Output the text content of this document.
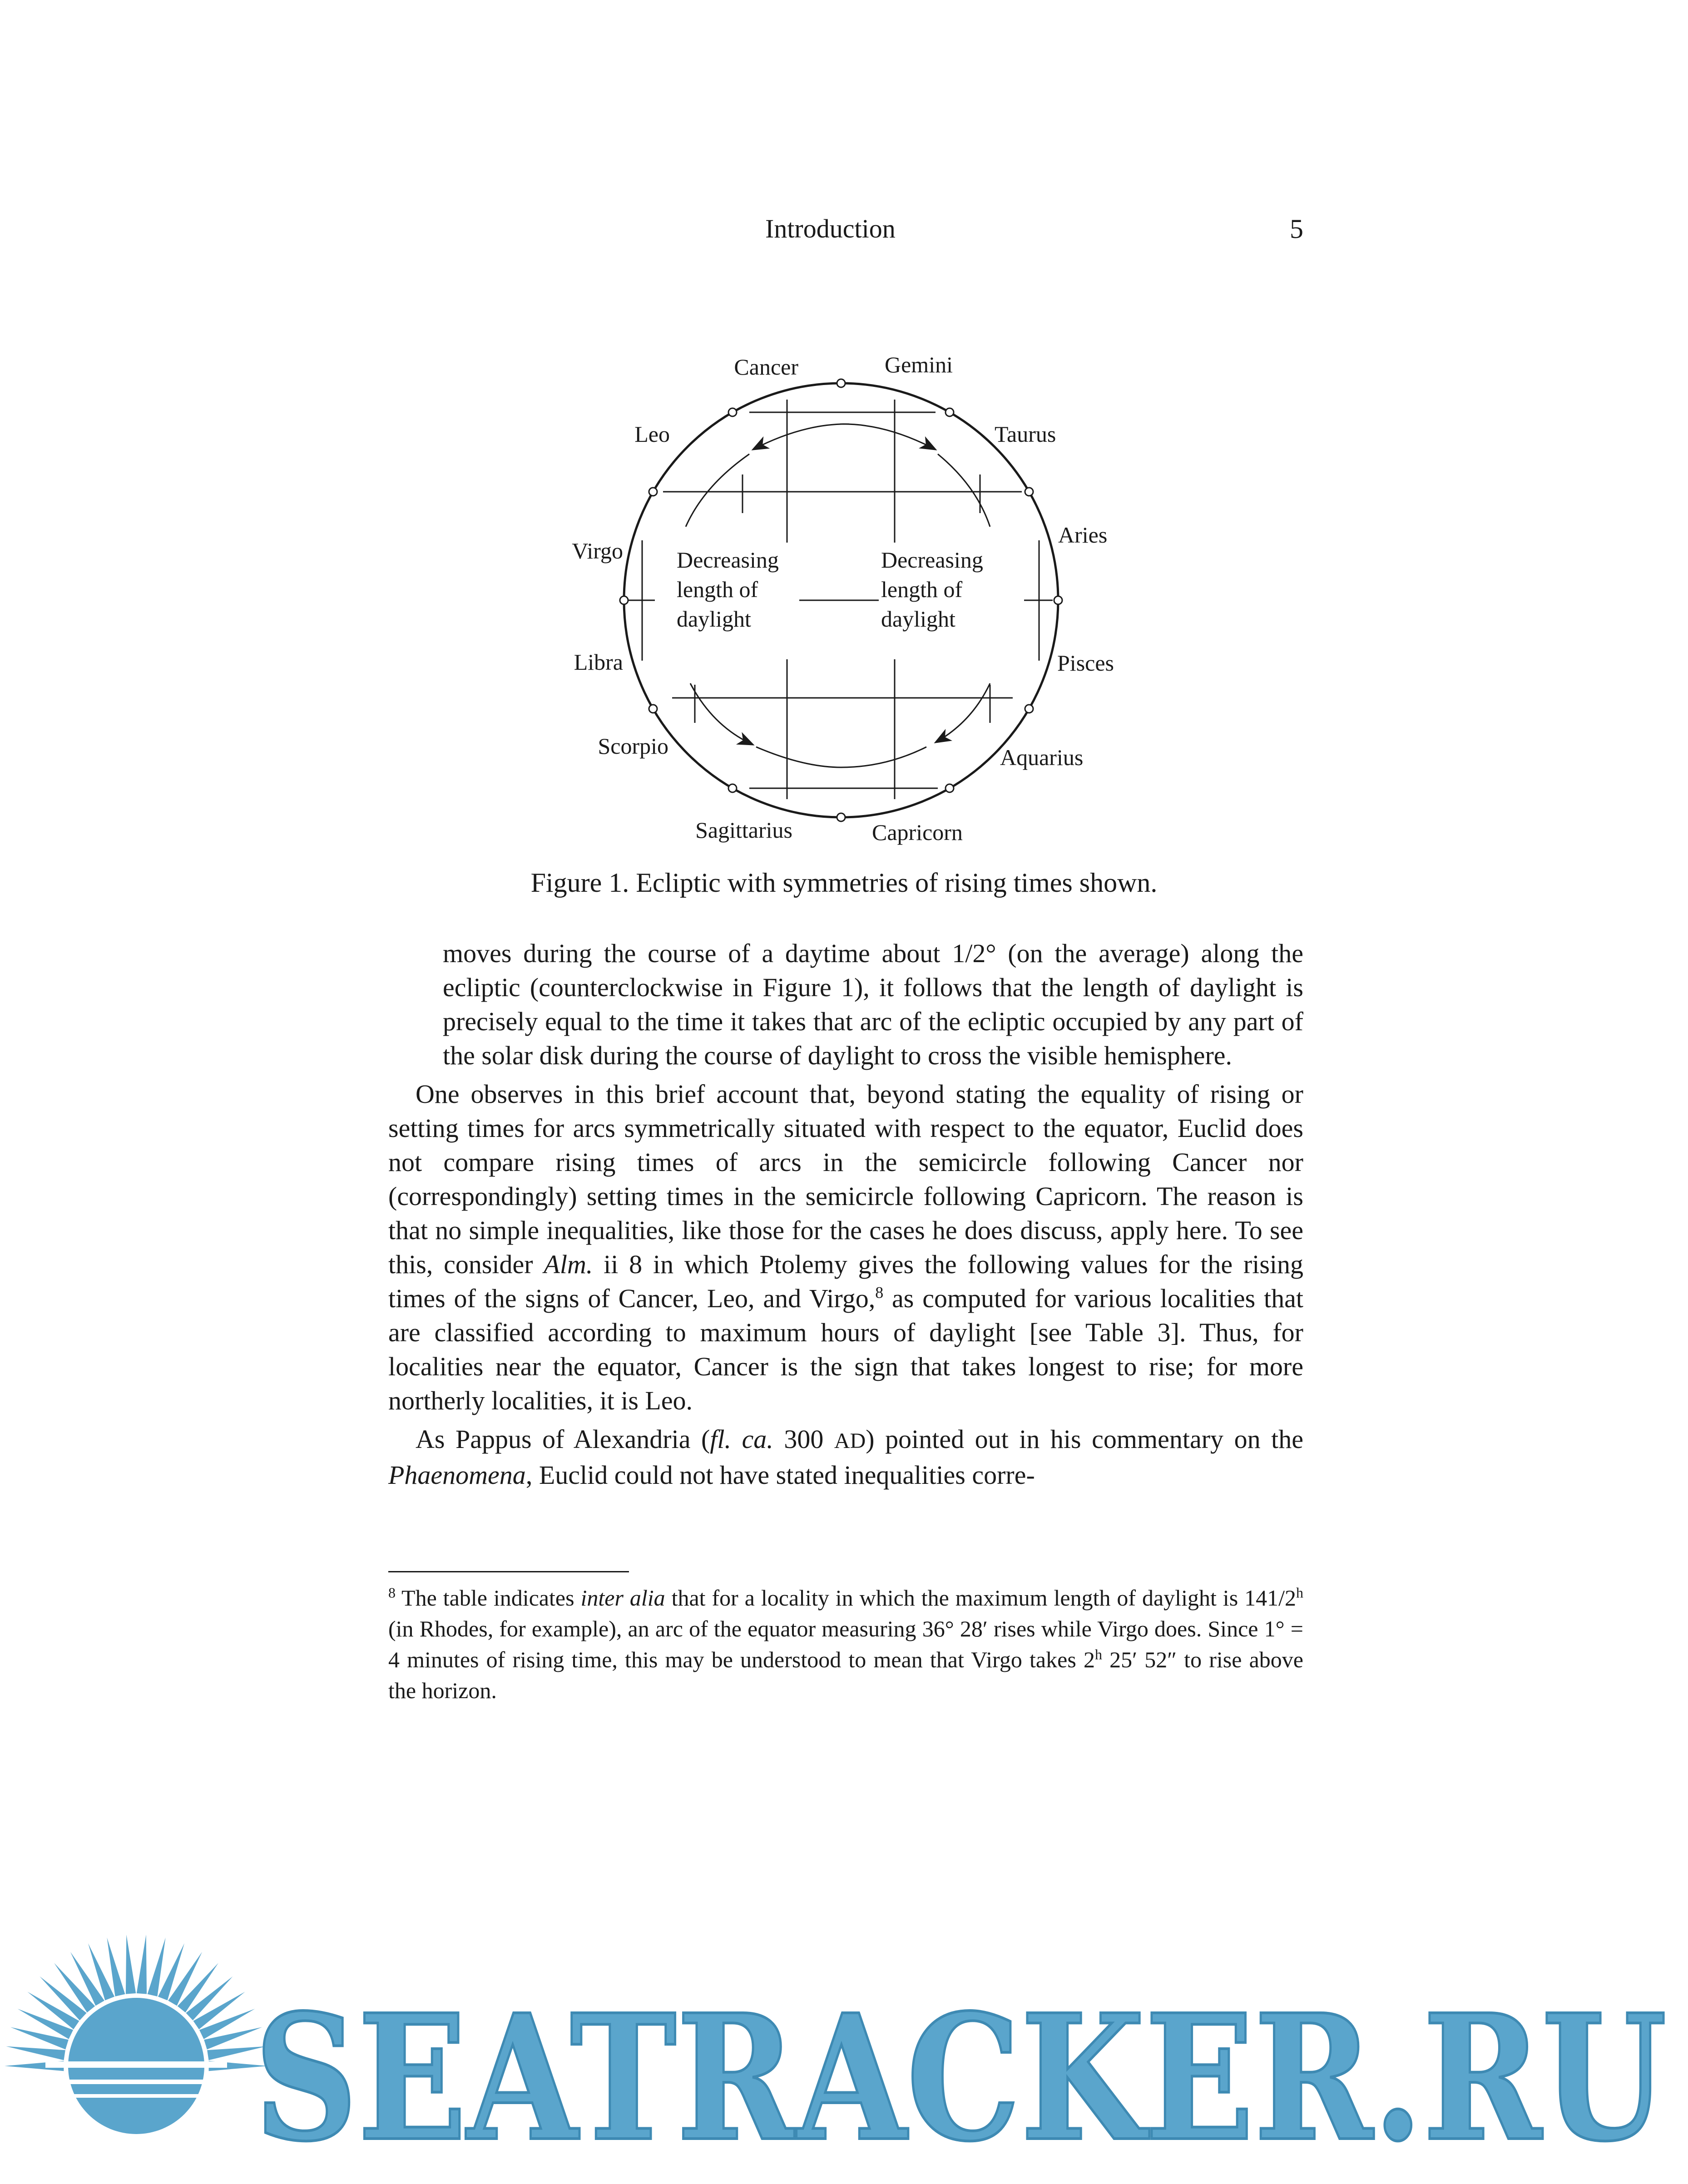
Introduction	5
Cancer	Gemini
Leo	Taurus
Virgo
Aries
Libra	Pisces
Scorpio	Aquarius
Sagittarius	Capricorn
Decreasing
length of
daylight
Decreasing
length of
daylight
Figure 1. Ecliptic with symmetries of rising times shown.

moves during the course of a daytime about 1/2° (on the average) along the ecliptic (counterclockwise in Figure 1), it follows that the length of daylight is precisely equal to the time it takes that arc of the ecliptic occupied by any part of the solar disk during the course of daylight to cross the visible hemisphere.

One observes in this brief account that, beyond stating the equality of rising or setting times for arcs symmetrically situated with respect to the equator, Euclid does not compare rising times of arcs in the semicircle following Cancer nor (correspondingly) setting times in the semicircle following Capricorn. The reason is that no simple inequalities, like those for the cases he does discuss, apply here. To see this, consider Alm. ii 8 in which Ptolemy gives the following values for the rising times of the signs of Cancer, Leo, and Virgo,$^8$ as computed for various localities that are classified according to maximum hours of daylight [see Table 3]. Thus, for localities near the equator, Cancer is the sign that takes longest to rise; for more northerly localities, it is Leo.

As Pappus of Alexandria (fl. ca. 300 AD) pointed out in his commentary on the Phaenomena, Euclid could not have stated inequalities corre-

$^8$ The table indicates inter alia that for a locality in which the maximum length of daylight is 141/2$^h$ (in Rhodes, for example), an arc of the equator measuring 36° 28′ rises while Virgo does. Since 1° = 4 minutes of rising time, this may be understood to mean that Virgo takes 2$^h$ 25′ 52″ to rise above the horizon.

SEATRACKER.RU
